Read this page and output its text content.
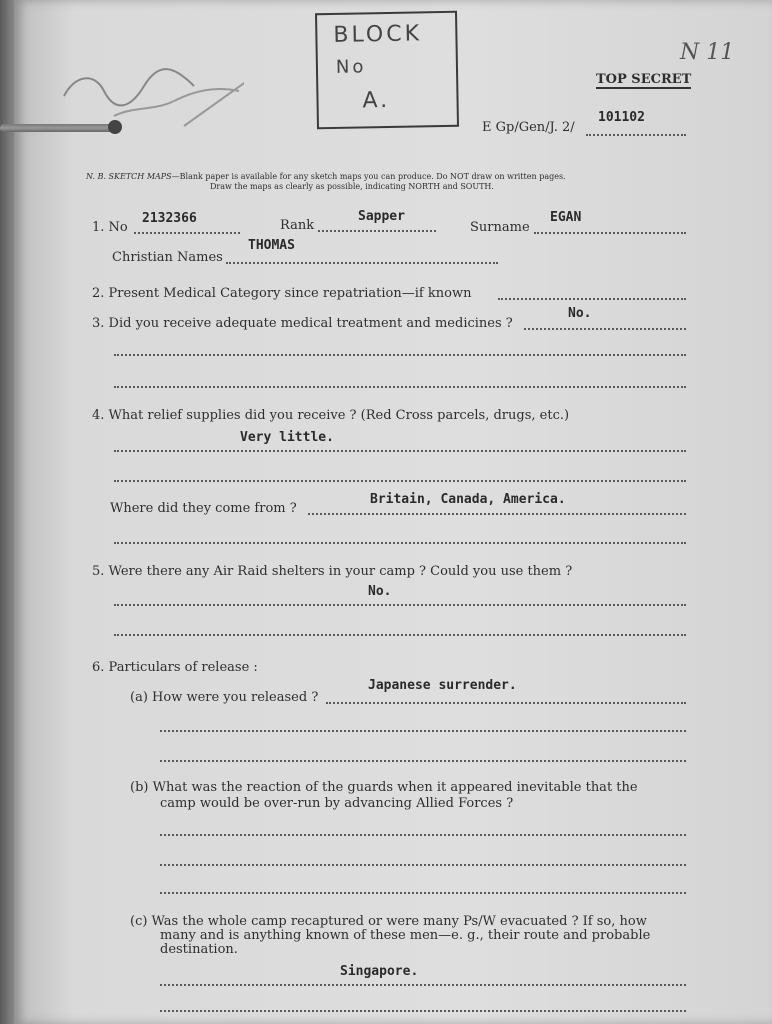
BLOCK
No
A.
N 11
TOP SECRET
E Gp/Gen/J. 2/
101102
N. B. SKETCH MAPS—Blank paper is available for any sketch maps you can produce. Do NOT draw on written pages.
Draw the maps as clearly as possible, indicating NORTH and SOUTH.
1. No
2132366	Rank
Sapper
Surname
EGAN
Christian Names
THOMAS
2. Present Medical Category since repatriation—if known
3. Did you receive adequate medical treatment and medicines ?
No.
4. What relief supplies did you receive ? (Red Cross parcels, drugs, etc.)
Very little.
Where did they come from ?
Britain, Canada, America.
5. Were there any Air Raid shelters in your camp ? Could you use them ?
No.
6. Particulars of release :
(a) How were you released ?
Japanese surrender.
(b) What was the reaction of the guards when it appeared inevitable that the
camp would be over-run by advancing Allied Forces ?
(c) Was the whole camp recaptured or were many Ps/W evacuated ? If so, how
many and is anything known of these men—e. g., their route and probable
destination.
Singapore.
